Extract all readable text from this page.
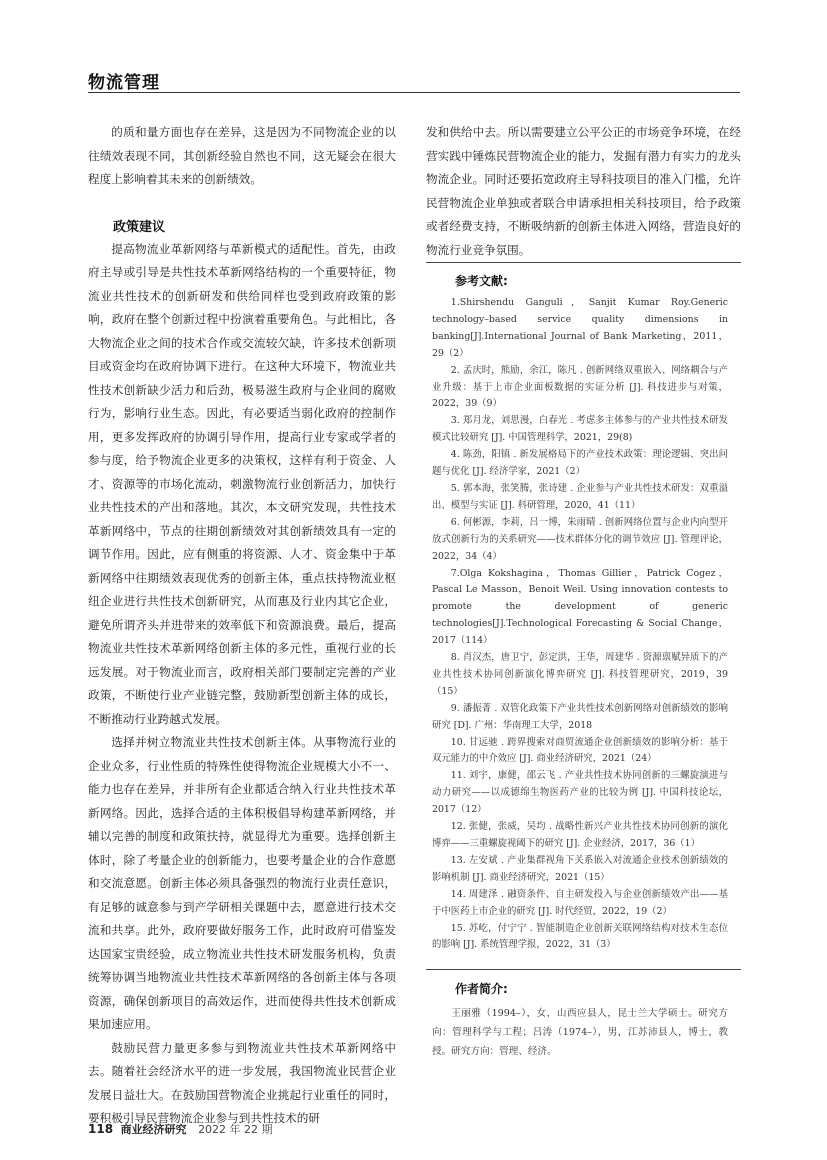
物流管理

的质和量方面也存在差异，这是因为不同物流企业的以往绩效表现不同，其创新经验自然也不同，这无疑会在很大程度上影响着其未来的创新绩效。

政策建议

提高物流业革新网络与革新模式的适配性。首先，由政府主导或引导是共性技术革新网络结构的一个重要特征，物流业共性技术的创新研发和供给同样也受到政府政策的影响，政府在整个创新过程中扮演着重要角色。与此相比，各大物流企业之间的技术合作或交流较欠缺，许多技术创新项目或资金均在政府协调下进行。在这种大环境下，物流业共性技术创新缺少活力和后劲，极易滋生政府与企业间的腐败行为，影响行业生态。因此，有必要适当弱化政府的控制作用，更多发挥政府的协调引导作用，提高行业专家或学者的参与度，给予物流企业更多的决策权，这样有利于资金、人才、资源等的市场化流动，刺激物流行业创新活力，加快行业共性技术的产出和落地。其次，本文研究发现，共性技术革新网络中，节点的往期创新绩效对其创新绩效具有一定的调节作用。因此，应有侧重的将资源、人才、资金集中于革新网络中往期绩效表现优秀的创新主体，重点扶持物流业枢纽企业进行共性技术创新研究，从而惠及行业内其它企业，避免所谓齐头并进带来的效率低下和资源浪费。最后，提高物流业共性技术革新网络创新主体的多元性，重视行业的长远发展。对于物流业而言，政府相关部门要制定完善的产业政策，不断使行业产业链完整，鼓励新型创新主体的成长，不断推动行业跨越式发展。

选择并树立物流业共性技术创新主体。从事物流行业的企业众多，行业性质的特殊性使得物流企业规模大小不一、能力也存在差异，并非所有企业都适合纳入行业共性技术革新网络。因此，选择合适的主体积极倡导构建革新网络，并辅以完善的制度和政策扶持，就显得尤为重要。选择创新主体时，除了考量企业的创新能力，也要考量企业的合作意愿和交流意愿。创新主体必须具备强烈的物流行业责任意识，有足够的诚意参与到产学研相关课题中去，愿意进行技术交流和共享。此外，政府要做好服务工作，此时政府可借鉴发达国家宝贵经验，成立物流业共性技术研发服务机构，负责统筹协调当地物流业共性技术革新网络的各创新主体与各项资源，确保创新项目的高效运作，进而使得共性技术创新成果加速应用。

鼓励民营力量更多参与到物流业共性技术革新网络中去。随着社会经济水平的进一步发展，我国物流业民营企业发展日益壮大。在鼓励国营物流企业挑起行业重任的同时，要积极引导民营物流企业参与到共性技术的研

发和供给中去。所以需要建立公平公正的市场竞争环境，在经营实践中锤炼民营物流企业的能力，发掘有潜力有实力的龙头物流企业。同时还要拓宽政府主导科技项目的准入门槛，允许民营物流企业单独或者联合申请承担相关科技项目，给予政策或者经费支持，不断吸纳新的创新主体进入网络，营造良好的物流行业竞争氛围。

参考文献:
1.Shirshendu Ganguli，Sanjit Kumar Roy.Generic technology–based service quality dimensions in banking[J].International Journal of Bank Marketing，2011，29（2）
2. 孟庆时，熊励，余江，陈凡 . 创新网络双重嵌入、网络耦合与产业升级：基于上市企业面板数据的实证分析 [J]. 科技进步与对策，2022，39（9）
3. 郑月龙，刘思漫，白春光 . 考虑多主体参与的产业共性技术研发模式比较研究 [J]. 中国管理科学，2021，29(8)
4. 陈劲，阳镇 . 新发展格局下的产业技术政策：理论逻辑、突出问题与优化 [J]. 经济学家，2021（2）
5. 郭本海，张笑腾，张诗建 . 企业参与产业共性技术研发：双重溢出、模型与实证 [J]. 科研管理，2020，41（11）
6. 何彬源，李莉，吕一博，朱雨晴 . 创新网络位置与企业内向型开放式创新行为的关系研究——技术群体分化的调节效应 [J]. 管理评论，2022，34（4）
7.Olga Kokshagina，Thomas Gillier，Patrick Cogez，Pascal Le Masson，Benoit Weil. Using innovation contests to promote the development of generic technologies[J].Technological Forecasting & Social Change，2017（114）
8. 肖汉杰，唐卫宁，彭定洪，王华，周建华 . 资源禀赋异质下的产业共性技术协同创新演化博弈研究 [J]. 科技管理研究，2019，39（15）
9. 潘振菁 . 双管化政策下产业共性技术创新网络对创新绩效的影响研究 [D]. 广州：华南理工大学，2018
10. 甘远驰 . 跨界搜索对商贸流通企业创新绩效的影响分析：基于双元能力的中介效应 [J]. 商业经济研究，2021（24）
11. 刘宇，康健，邵云飞 . 产业共性技术协同创新的三螺旋演进与动力研究——以成德绵生物医药产业的比较为例 [J]. 中国科技论坛，2017（12）
12. 张健，张威，吴均 . 战略性新兴产业共性技术协同创新的演化博弈——三重螺旋视阈下的研究 [J]. 企业经济，2017，36（1）
13. 左安斌 . 产业集群视角下关系嵌入对流通企业技术创新绩效的影响机制 [J]. 商业经济研究，2021（15）
14. 周建泽 . 融资条件、自主研发投入与企业创新绩效产出——基于中医药上市企业的研究 [J]. 时代经贸，2022，19（2）
15. 苏屹，付宁宁 . 智能制造企业创新关联网络结构对技术生态位的影响 [J]. 系统管理学报，2022，31（3）
作者简介:
王丽雅（1994–），女，山西应县人，昆士兰大学硕士。研究方向：管理科学与工程；吕涛（1974–），男，江苏沛县人，博士，教授。研究方向：管理、经济。
118 商业经济研究 2022 年 22 期
